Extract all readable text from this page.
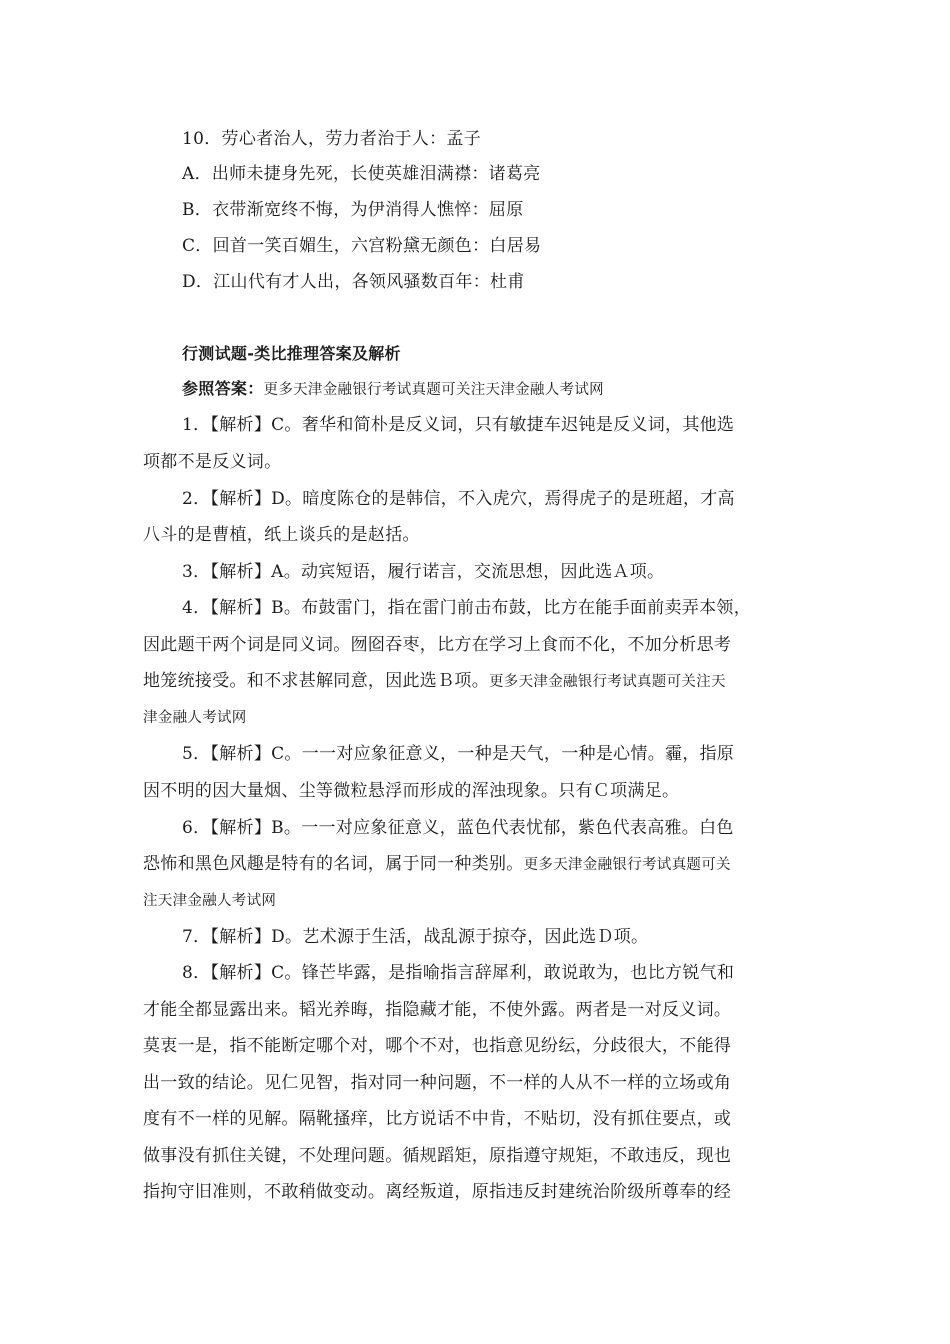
10．劳心者治人，劳力者治于人：孟子
A．出师未捷身先死，长使英雄泪满襟：诸葛亮
B．衣带渐宽终不悔，为伊消得人憔悴：屈原
C．回首一笑百媚生，六宫粉黛无颜色：白居易
D．江山代有才人出，各领风骚数百年：杜甫
行测试题-类比推理答案及解析
参照答案：更多天津金融银行考试真题可关注天津金融人考试网
1．【解析】C。奢华和简朴是反义词，只有敏捷车迟钝是反义词，其他选
项都不是反义词。
2．【解析】D。暗度陈仓的是韩信，不入虎穴，焉得虎子的是班超，才高
八斗的是曹植，纸上谈兵的是赵括。
3．【解析】A。动宾短语，履行诺言，交流思想，因此选Ａ项。
4．【解析】B。布鼓雷门，指在雷门前击布鼓，比方在能手面前卖弄本领，
因此题干两个词是同义词。囫囵吞枣，比方在学习上食而不化，不加分析思考
地笼统接受。和不求甚解同意，因此选Ｂ项。更多天津金融银行考试真题可关注天
津金融人考试网
5．【解析】C。一一对应象征意义，一种是天气，一种是心情。霾，指原
因不明的因大量烟、尘等微粒悬浮而形成的浑浊现象。只有Ｃ项满足。
6．【解析】B。一一对应象征意义，蓝色代表忧郁，紫色代表高雅。白色
恐怖和黑色风趣是特有的名词，属于同一种类别。更多天津金融银行考试真题可关
注天津金融人考试网
7．【解析】D。艺术源于生活，战乱源于掠夺，因此选Ｄ项。
8．【解析】C。锋芒毕露，是指喻指言辞犀利，敢说敢为，也比方锐气和
才能全都显露出来。韬光养晦，指隐藏才能，不使外露。两者是一对反义词。
莫衷一是，指不能断定哪个对，哪个不对，也指意见纷纭，分歧很大，不能得
出一致的结论。见仁见智，指对同一种问题，不一样的人从不一样的立场或角
度有不一样的见解。隔靴搔痒，比方说话不中肯，不贴切，没有抓住要点，或
做事没有抓住关键，不处理问题。循规蹈矩，原指遵守规矩，不敢违反，现也
指拘守旧准则，不敢稍做变动。离经叛道，原指违反封建统治阶级所尊奉的经
